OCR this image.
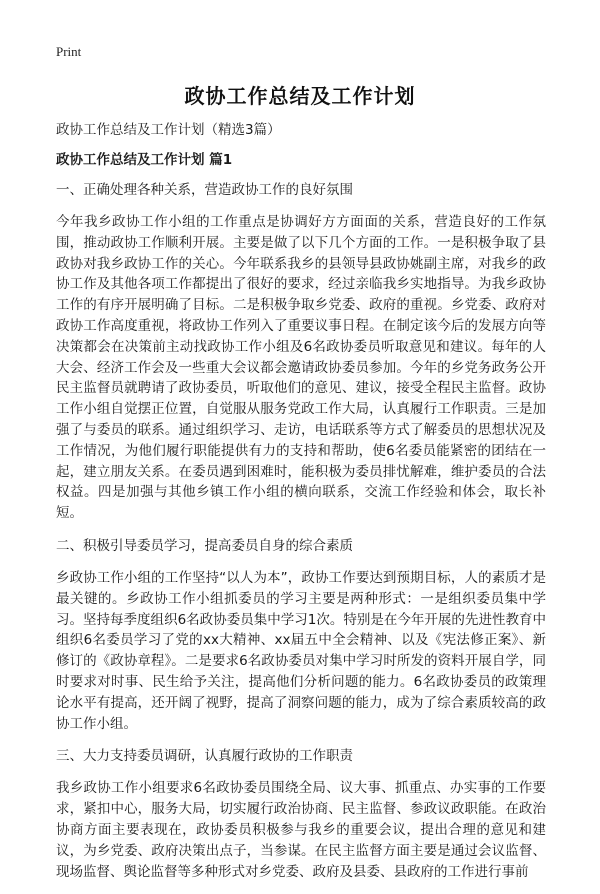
Print
政协工作总结及工作计划
政协工作总结及工作计划（精选3篇）
政协工作总结及工作计划 篇1
一、正确处理各种关系，营造政协工作的良好氛围
今年我乡政协工作小组的工作重点是协调好方方面面的关系，营造良好的工作氛围，推动政协工作顺利开展。主要是做了以下几个方面的工作。一是积极争取了县政协对我乡政协工作的关心。今年联系我乡的县领导县政协姚副主席，对我乡的政协工作及其他各项工作都提出了很好的要求，经过亲临我乡实地指导。为我乡政协工作的有序开展明确了目标。二是积极争取乡党委、政府的重视。乡党委、政府对政协工作高度重视，将政协工作列入了重要议事日程。在制定该今后的发展方向等决策都会在决策前主动找政协工作小组及6名政协委员听取意见和建议。每年的人大会、经济工作会及一些重大会议都会邀请政协委员参加。今年的乡党务政务公开民主监督员就聘请了政协委员，听取他们的意见、建议，接受全程民主监督。政协工作小组自觉摆正位置，自觉服从服务党政工作大局，认真履行工作职责。三是加强了与委员的联系。通过组织学习、走访，电话联系等方式了解委员的思想状况及工作情况，为他们履行职能提供有力的支持和帮助，使6名委员能紧密的团结在一起，建立朋友关系。在委员遇到困难时，能积极为委员排忧解难，维护委员的合法权益。四是加强与其他乡镇工作小组的横向联系，交流工作经验和体会，取长补短。
二、积极引导委员学习，提高委员自身的综合素质
乡政协工作小组的工作坚持“以人为本”，政协工作要达到预期目标，人的素质才是最关键的。乡政协工作小组抓委员的学习主要是两种形式：一是组织委员集中学习。坚持每季度组织6名政协委员集中学习1次。特别是在今年开展的先进性教育中组织6名委员学习了党的xx大精神、xx届五中全会精神、以及《宪法修正案》、新修订的《政协章程》。二是要求6名政协委员对集中学习时所发的资料开展自学，同时要求对时事、民生给予关注，提高他们分析问题的能力。6名政协委员的政策理论水平有提高，还开阔了视野，提高了洞察问题的能力，成为了综合素质较高的政协工作小组。
三、大力支持委员调研，认真履行政协的工作职责
我乡政协工作小组要求6名政协委员围绕全局、议大事、抓重点、办实事的工作要求，紧扣中心，服务大局，切实履行政治协商、民主监督、参政议政职能。在政治协商方面主要表现在，政协委员积极参与我乡的重要会议，提出合理的意见和建议，为乡党委、政府决策出点子，当参谋。在民主监督方面主要是通过会议监督、现场监督、舆论监督等多种形式对乡党委、政府及县委、县政府的工作进行事前
